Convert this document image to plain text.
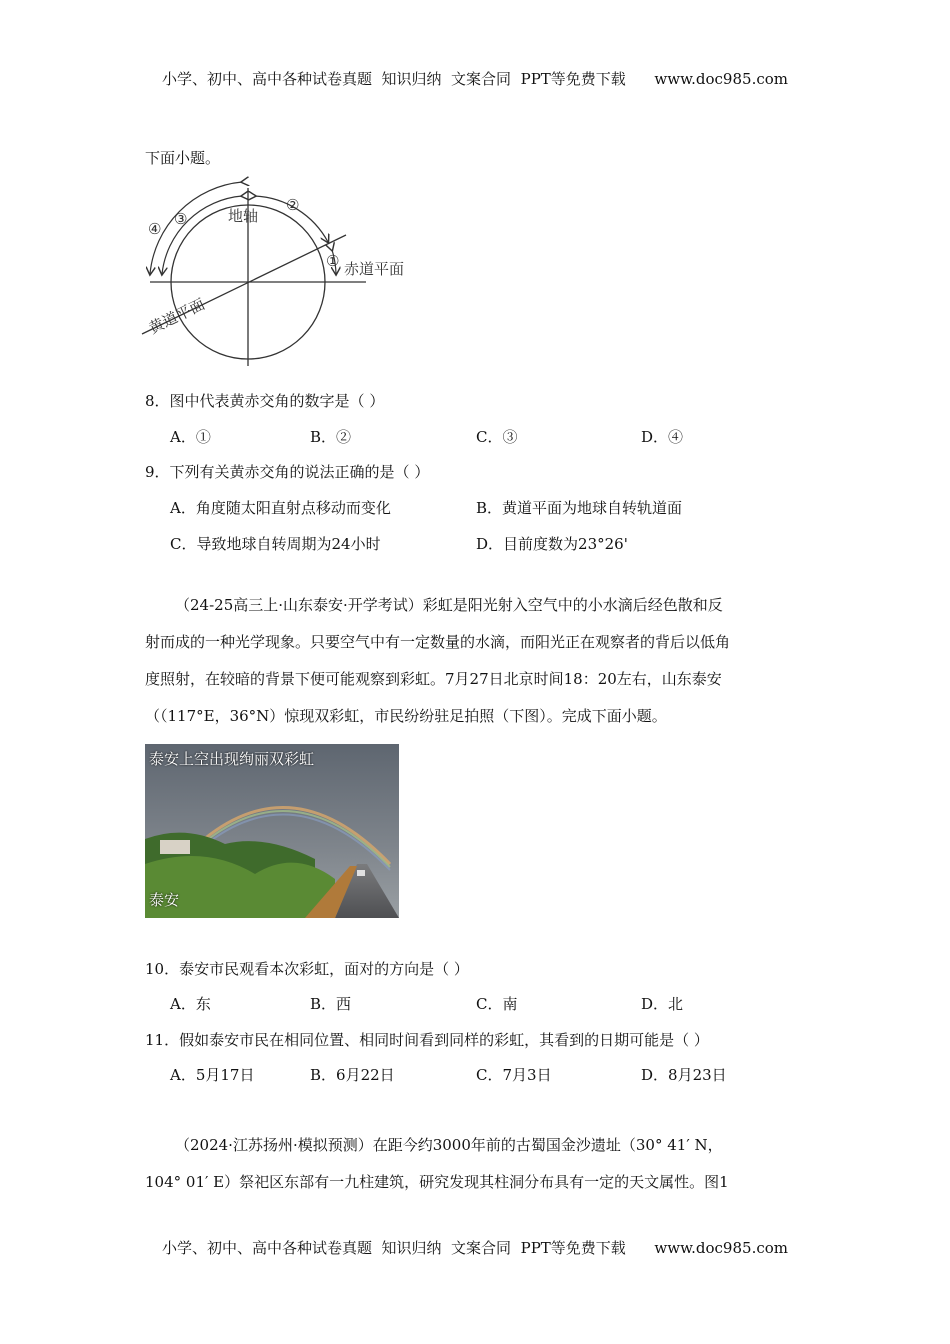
小学、初中、高中各种试卷真题  知识归纳  文案合同  PPT等免费下载      www.doc985.com
下面小题。
地轴
赤道平面
黄道平面
①
②
③
④
8．图中代表黄赤交角的数字是（ ）
A．①	B．②	C．③	D．④
9．下列有关黄赤交角的说法正确的是（ ）
A．角度随太阳直射点移动而变化	B．黄道平面为地球自转轨道面
C．导致地球自转周期为24小时	D．目前度数为23°26'
（24-25高三上·山东泰安·开学考试）彩虹是阳光射入空气中的小水滴后经色散和反
射而成的一种光学现象。只要空气中有一定数量的水滴，而阳光正在观察者的背后以低角
度照射，在较暗的背景下便可能观察到彩虹。7月27日北京时间18：20左右，山东泰安
（（117°E，36°N）惊现双彩虹，市民纷纷驻足拍照（下图）。完成下面小题。
泰安上空出现绚丽双彩虹
泰安
10．泰安市民观看本次彩虹，面对的方向是（ ）
A．东	B．西	C．南	D．北
11．假如泰安市民在相同位置、相同时间看到同样的彩虹，其看到的日期可能是（ ）
A．5月17日	B．6月22日	C．7月3日	D．8月23日
（2024·江苏扬州·模拟预测）在距今约3000年前的古蜀国金沙遗址（30° 41′ N，
104° 01′ E）祭祀区东部有一九柱建筑，研究发现其柱洞分布具有一定的天文属性。图1
小学、初中、高中各种试卷真题  知识归纳  文案合同  PPT等免费下载      www.doc985.com
